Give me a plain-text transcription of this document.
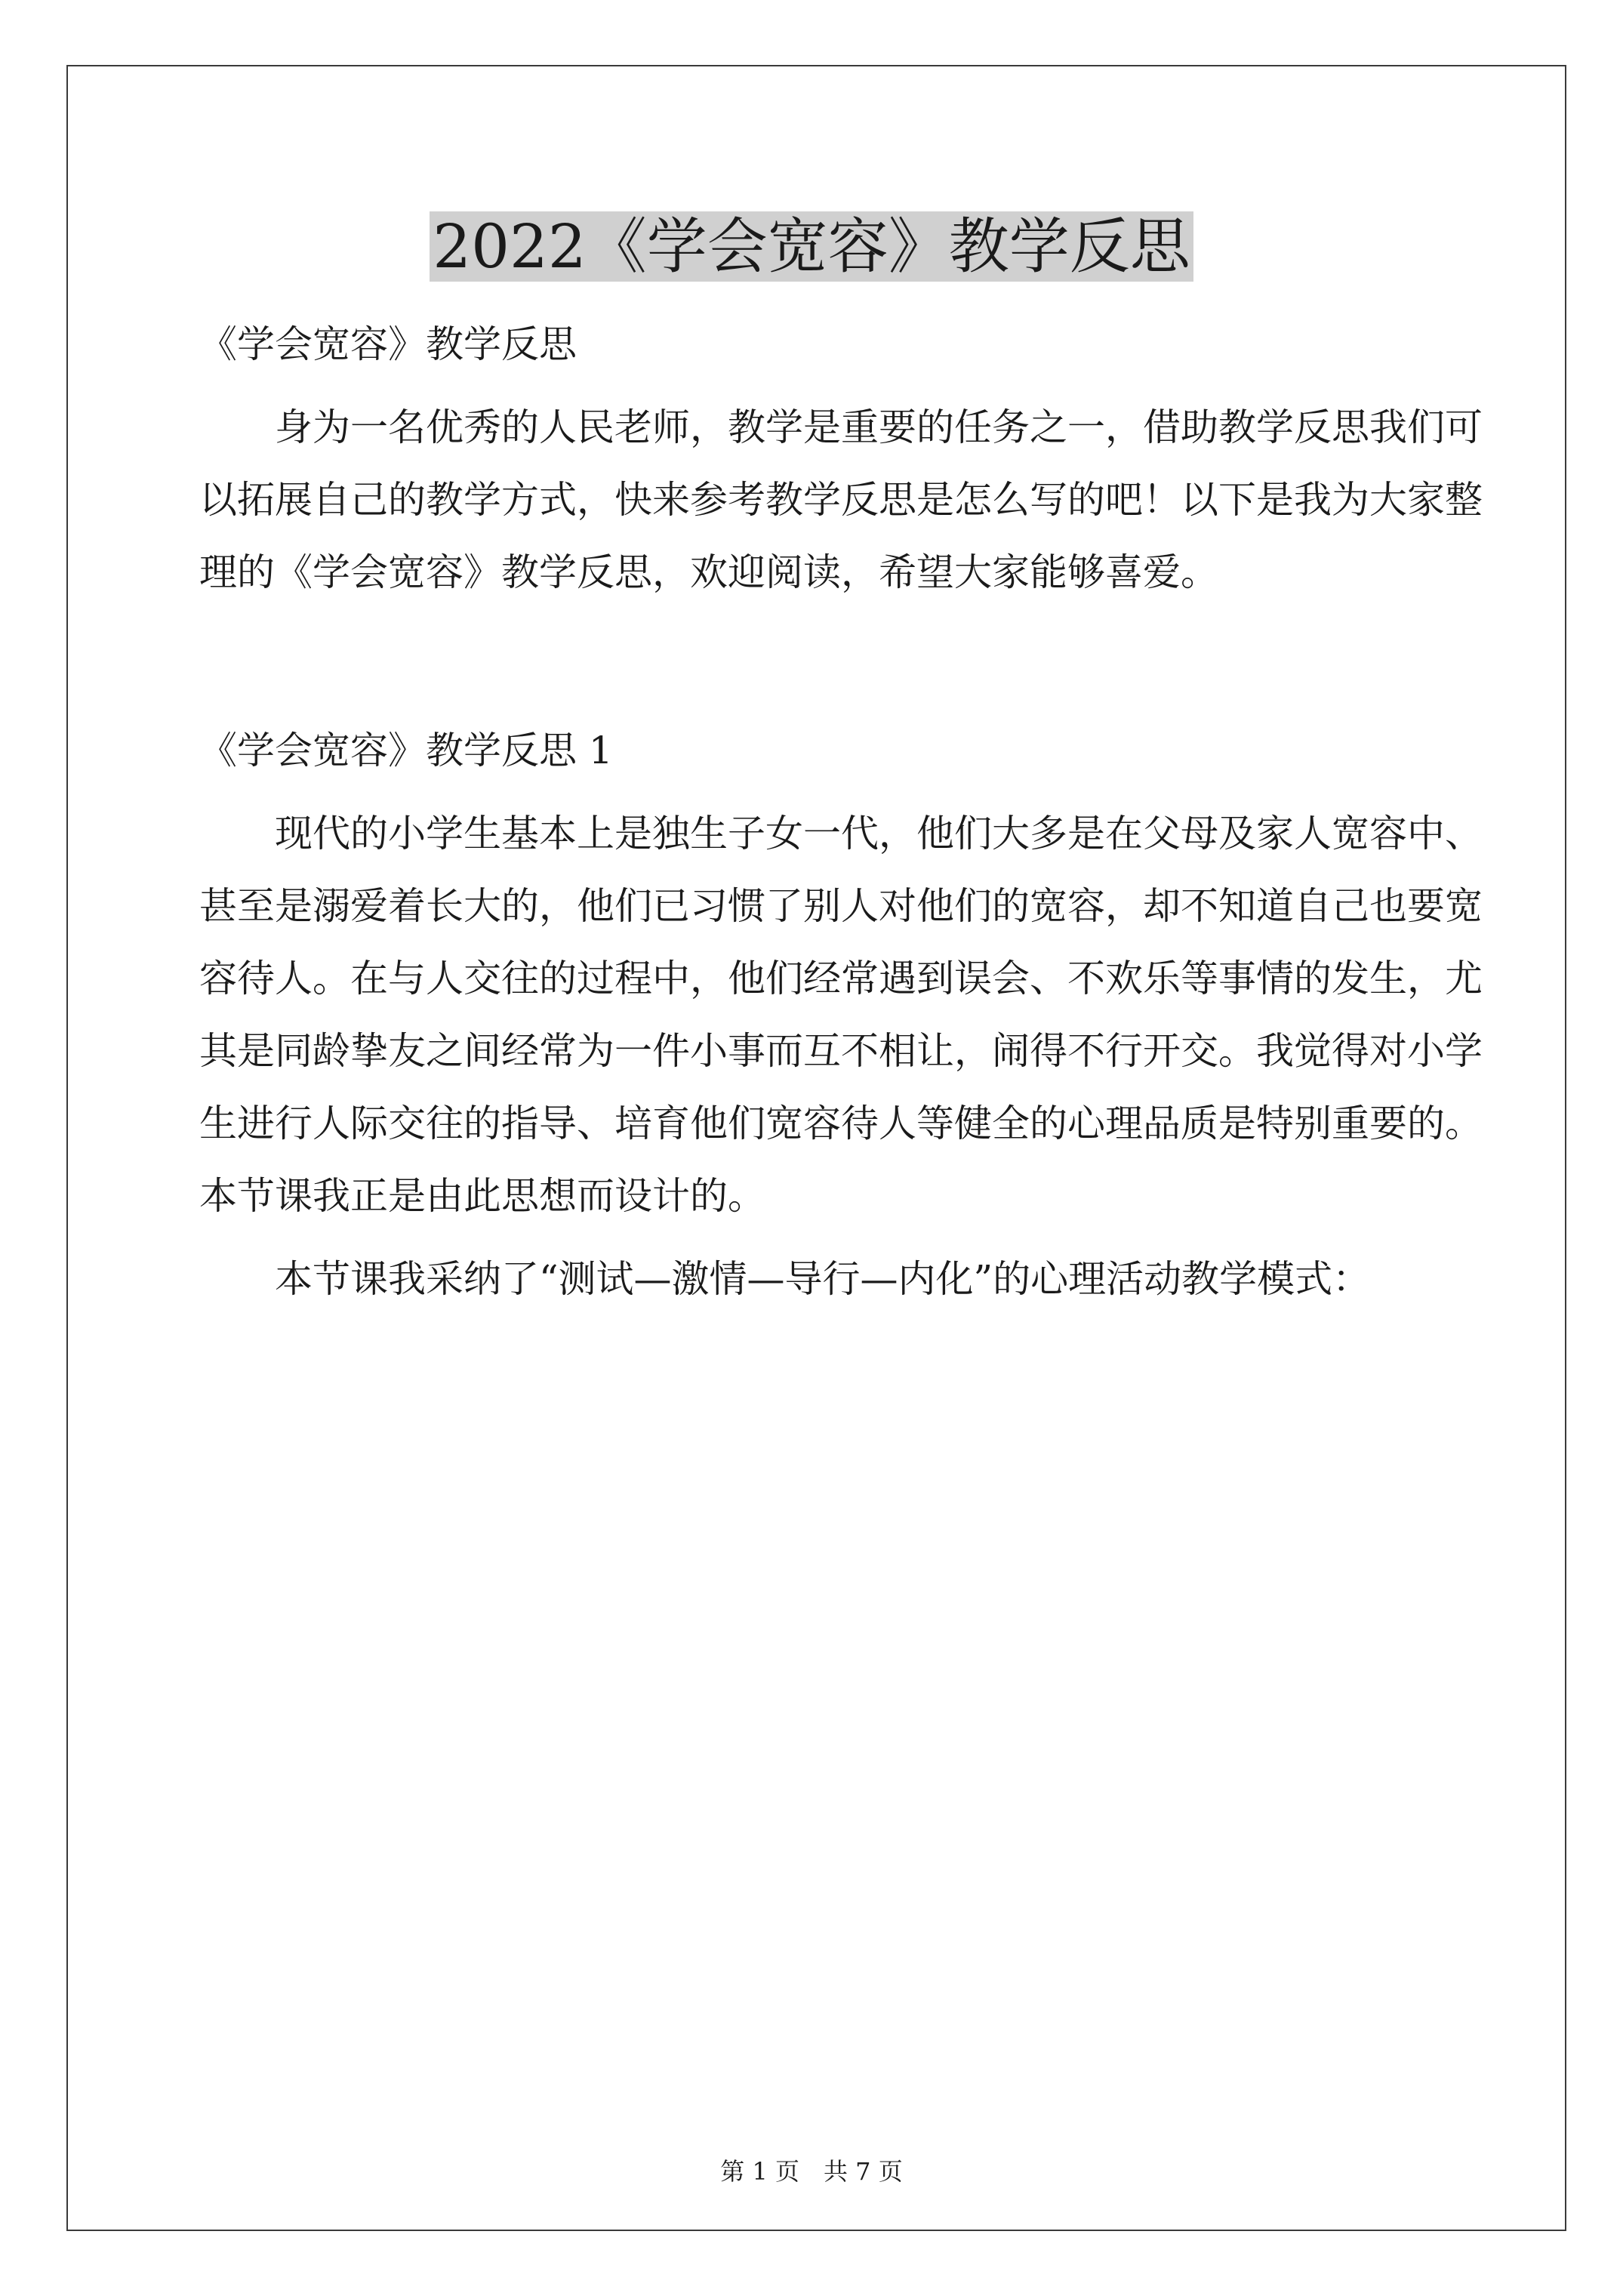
2022《学会宽容》教学反思

《学会宽容》教学反思

身为一名优秀的人民老师，教学是重要的任务之一，借助教学反思我们可以拓展自己的教学方式，快来参考教学反思是怎么写的吧！以下是我为大家整理的《学会宽容》教学反思，欢迎阅读，希望大家能够喜爱。

《学会宽容》教学反思 1

现代的小学生基本上是独生子女一代，他们大多是在父母及家人宽容中、甚至是溺爱着长大的，他们已习惯了别人对他们的宽容，却不知道自己也要宽容待人。在与人交往的过程中，他们经常遇到误会、不欢乐等事情的发生，尤其是同龄挚友之间经常为一件小事而互不相让，闹得不行开交。我觉得对小学生进行人际交往的指导、培育他们宽容待人等健全的心理品质是特别重要的。本节课我正是由此思想而设计的。

本节课我采纳了“测试—激情—导行—内化”的心理活动教学模式：

第 1 页　共 7 页
